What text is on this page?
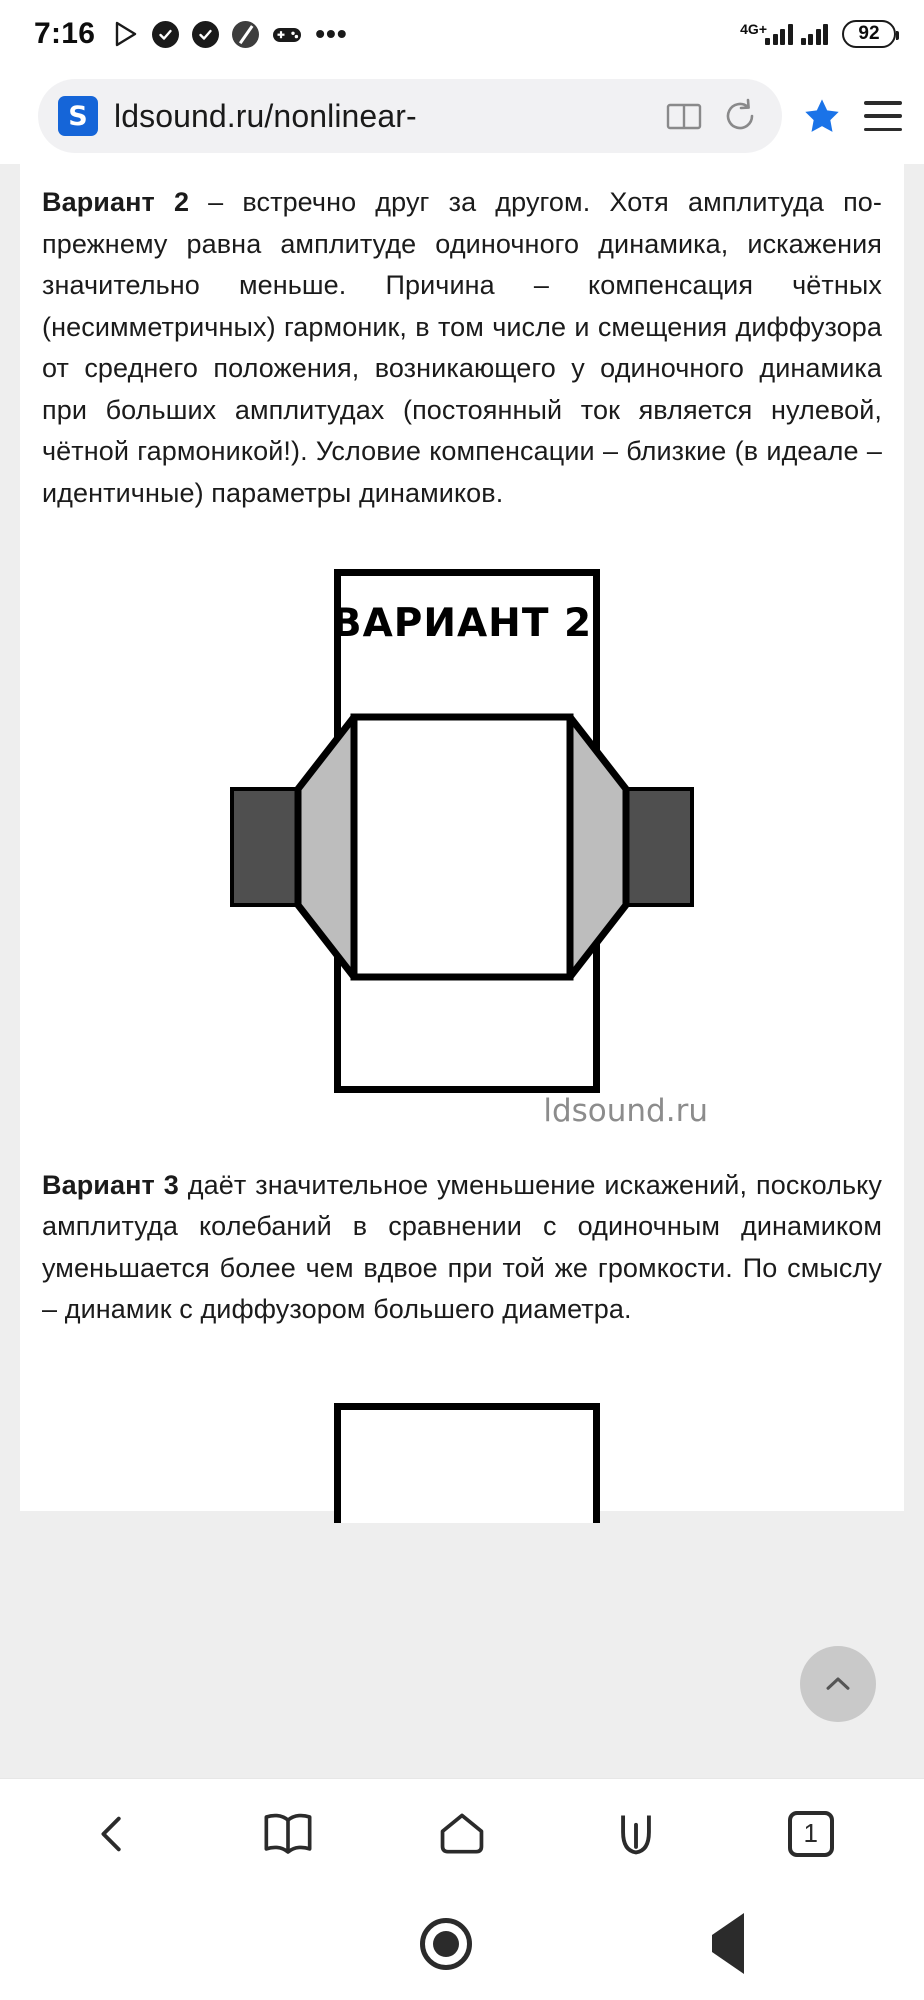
7:16	•••	4G+	92
S ldsound.ru/nonlinear-

Вариант 2 – встречно друг за другом. Хотя амплитуда по-прежнему равна амплитуде одиночного динамика, искажения значительно меньше. Причина – компенсация чётных (несимметричных) гармоник, в том числе и смещения диффузора от среднего положения, возникающего у одиночного динамика при больших амплитудах (постоянный ток является нулевой, чётной гармоникой!). Условие компенсации – близкие (в идеале – идентичные) параметры динамиков.

ВАРИАНТ 2
ldsound.ru

Вариант 3 даёт значительное уменьшение искажений, поскольку амплитуда колебаний в сравнении с одиночным динамиком уменьшается более чем вдвое при той же громкости. По смыслу – динамик с диффузором большего диаметра.

1
